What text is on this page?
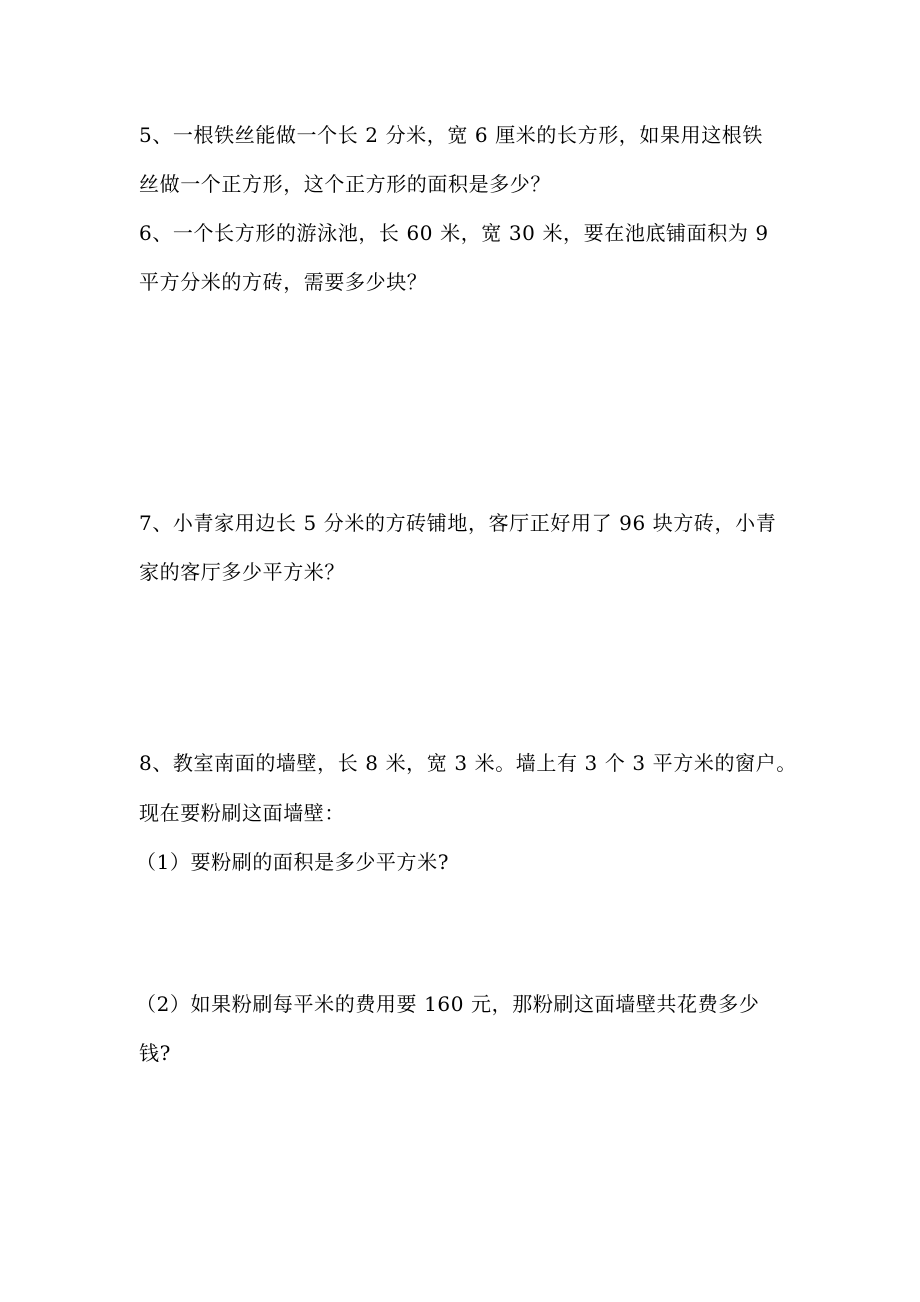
5、一根铁丝能做一个长 2 分米，宽 6 厘米的长方形，如果用这根铁
丝做一个正方形，这个正方形的面积是多少？
6、一个长方形的游泳池，长 60 米，宽 30 米，要在池底铺面积为 9
平方分米的方砖，需要多少块？
7、小青家用边长 5 分米的方砖铺地，客厅正好用了 96 块方砖，小青
家的客厅多少平方米？
8、教室南面的墙壁，长 8 米，宽 3 米。墙上有 3 个 3 平方米的窗户。
现在要粉刷这面墙壁：
（1）要粉刷的面积是多少平方米?
（2）如果粉刷每平米的费用要 160 元，那粉刷这面墙壁共花费多少
钱?
